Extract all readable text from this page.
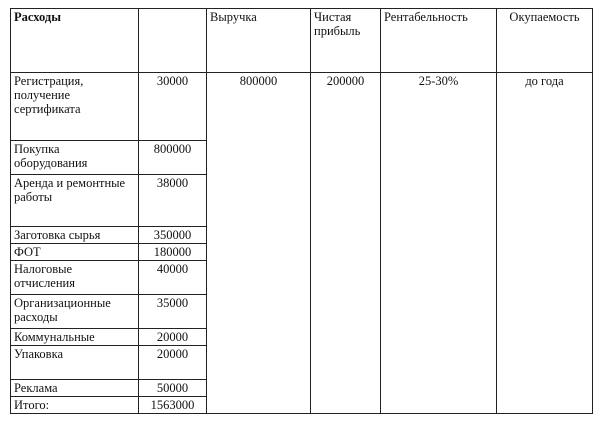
Расходы		Выручка	Чистая прибыль	Рентабельность	Окупаемость
Регистрация, получение сертификата	30000	800000	200000	25-30%	до года
Покупка оборудования	800000				
Аренда и ремонтные работы	38000				
Заготовка сырья	350000				
ФОТ	180000				
Налоговые отчисления	40000				
Организационные расходы	35000				
Коммунальные	20000				
Упаковка	20000				
Реклама	50000				
Итого:	1563000				
